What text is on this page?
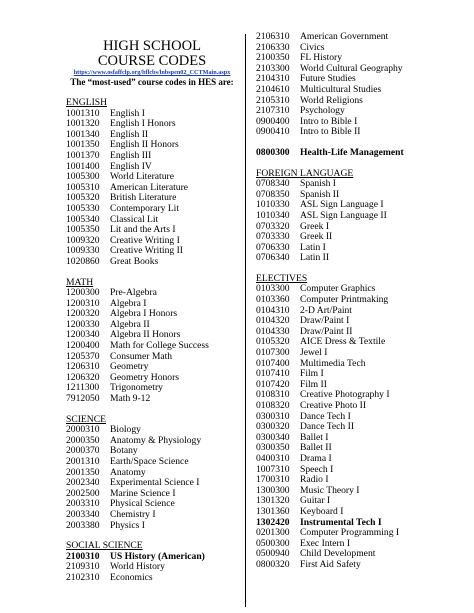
HIGH SCHOOL
COURSE CODES
https://www.osfaffclp.org/bflcbs/lnbspen02_CCTMain.aspx
The “most-used” course codes in HES are:
ENGLISH
1001310	English I
1001320	English I Honors
1001340	English II
1001350	English II Honors
1001370	English III
1001400	English IV
1005300	World Literature
1005310	American Literature
1005320	British Literature
1005330	Contemporary Lit
1005340	Classical Lit
1005350	Lit and the Arts I
1009320	Creative Writing I
1009330	Creative Writing II
1020860	Great Books
MATH
1200300	Pre-Algebra
1200310	Algebra I
1200320	Algebra I Honors
1200330	Algebra II
1200340	Algebra II Honors
1200400	Math for College Success
1205370	Consumer Math
1206310	Geometry
1206320	Geometry Honors
1211300	Trigonometry
7912050	Math 9-12
SCIENCE
2000310	Biology
2000350	Anatomy & Physiology
2000370	Botany
2001310	Earth/Space Science
2001350	Anatomy
2002340	Experimental Science I
2002500	Marine Science I
2003310	Physical Science
2003340	Chemistry I
2003380	Physics I
SOCIAL SCIENCE
2100310	US History (American)
2109310	World History
2102310	Economics
2106310	American Government
2106330	Civics
2100350	FL History
2103300	World Cultural Geography
2104310	Future Studies
2104610	Multicultural Studies
2105310	World Religions
2107310	Psychology
0900400	Intro to Bible I
0900410	Intro to Bible II
0800300	Health-Life Management
FOREIGN LANGUAGE
0708340	Spanish I
0708350	Spanish II
1010330	ASL Sign Language I
1010340	ASL Sign Language II
0703320	Greek I
0703330	Greek II
0706330	Latin I
0706340	Latin II
ELECTIVES
0103300	Computer Graphics
0103360	Computer Printmaking
0104310	2-D Art/Paint
0104320	Draw/Paint I
0104330	Draw/Paint II
0105320	AICE Dress & Textile
0107300	Jewel I
0107400	Multimedia Tech
0107410	Film I
0107420	Film II
0108310	Creative Photography I
0108320	Creative Photo II
0300310	Dance Tech I
0300320	Dance Tech II
0300340	Ballet I
0300350	Ballet II
0400310	Drama I
1007310	Speech I
1700310	Radio I
1300300	Music Theory I
1301320	Guitar I
1301360	Keyboard I
1302420	Instrumental Tech I
0201300	Computer Programming I
0500300	Exec Intern I
0500940	Child Development
0800320	First Aid Safety
